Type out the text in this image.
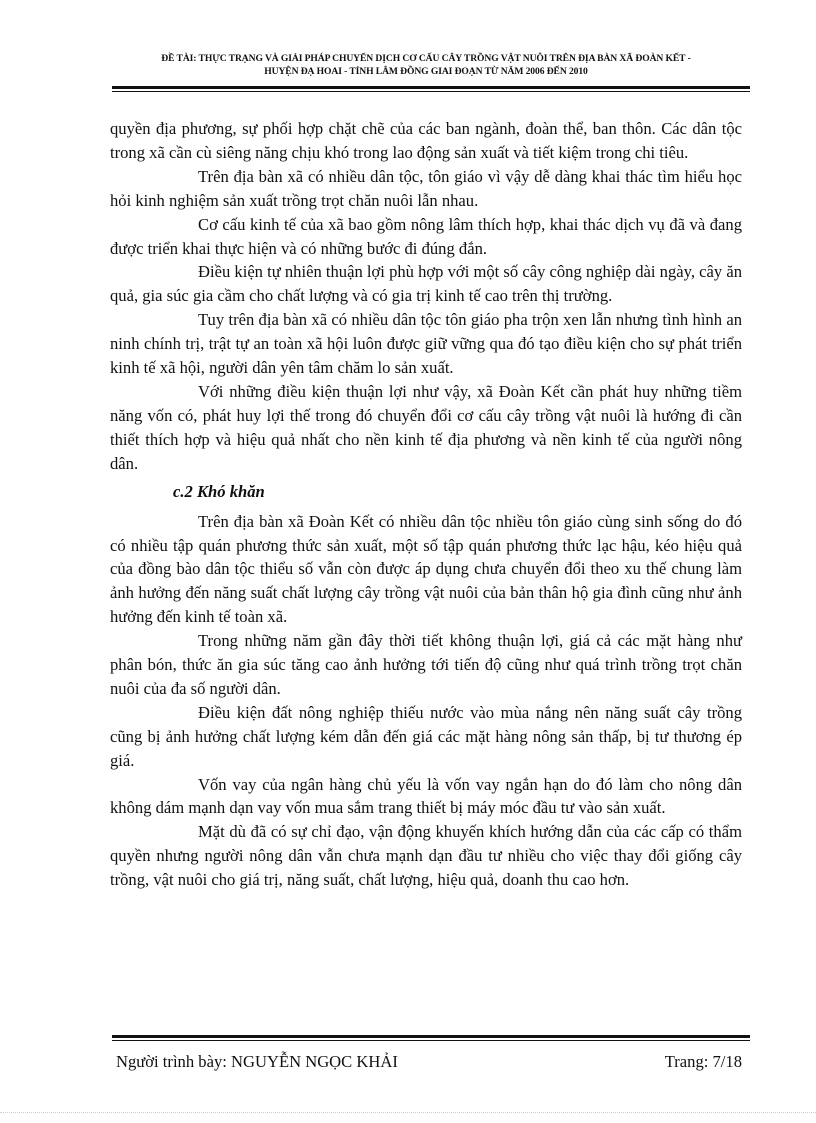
ĐỀ TÀI: THỰC TRẠNG VÀ GIẢI PHÁP CHUYỂN DỊCH CƠ CẤU CÂY TRỒNG VẬT NUÔI TRÊN ĐỊA BÀN XÃ ĐOÀN KẾT -
HUYỆN ĐẠ HOAI - TỈNH LÂM ĐỒNG GIAI ĐOẠN TỪ NĂM 2006 ĐẾN 2010

quyền địa phương, sự phối hợp chặt chẽ của các ban ngành, đoàn thể, ban thôn. Các dân tộc trong xã cần cù siêng năng chịu khó trong lao động sản xuất và tiết kiệm trong chi tiêu.

Trên địa bàn xã có nhiều dân tộc, tôn giáo vì vậy dễ dàng khai thác tìm hiểu học hỏi kinh nghiệm sản xuất trồng trọt chăn nuôi lẫn nhau.

Cơ cấu kinh tế của xã bao gồm nông lâm thích hợp, khai thác dịch vụ đã và đang được triển khai thực hiện và có những bước đi đúng đắn.

Điều kiện tự nhiên thuận lợi phù hợp với một số cây công nghiệp dài ngày, cây ăn quả, gia súc gia cầm cho chất lượng và có gia trị kinh tế cao trên thị trường.

Tuy trên địa bàn xã có nhiều dân tộc tôn giáo pha trộn xen lẫn nhưng tình hình an ninh chính trị, trật tự an toàn xã hội luôn được giữ vững qua đó tạo điều kiện cho sự phát triển kinh tế xã hội, người dân yên tâm chăm lo sản xuất.

Với những điều kiện thuận lợi như vậy, xã Đoàn Kết cần phát huy những tiềm năng vốn có, phát huy lợi thế trong đó chuyển đổi cơ cấu cây trồng vật nuôi là hướng đi cần thiết thích hợp và hiệu quả nhất cho nền kinh tế địa phương và nền kinh tế của người nông dân.

c.2 Khó khăn

Trên địa bàn xã Đoàn Kết có nhiều dân tộc nhiều tôn giáo cùng sinh sống do đó có nhiều tập quán phương thức sản xuất, một số tập quán phương thức lạc hậu, kéo hiệu quả của đồng bào dân tộc thiểu số vẫn còn được áp dụng chưa chuyển đổi theo xu thế chung làm ảnh hưởng đến năng suất chất lượng cây trồng vật nuôi của bản thân hộ gia đình cũng như ảnh hưởng đến kinh tế toàn xã.

Trong những năm gần đây thời tiết không thuận lợi, giá cả các mặt hàng như phân bón, thức ăn gia súc tăng cao ảnh hưởng tới tiến độ cũng như quá trình trồng trọt chăn nuôi của đa số người dân.

Điều kiện đất nông nghiệp thiếu nước vào mùa nắng nên năng suất cây trồng cũng bị ảnh hưởng chất lượng kém dẫn đến giá các mặt hàng nông sản thấp, bị tư thương ép giá.

Vốn vay của ngân hàng chủ yếu là vốn vay ngắn hạn do đó làm cho nông dân không dám mạnh dạn vay vốn mua sắm trang thiết bị máy móc đầu tư vào sản xuất.

Mặt dù đã có sự chỉ đạo, vận động khuyến khích hướng dẫn của các cấp có thẩm quyền nhưng người nông dân vẫn chưa mạnh dạn đầu tư nhiều cho việc thay đổi giống cây trồng, vật nuôi cho giá trị, năng suất, chất lượng, hiệu quả, doanh thu cao hơn.

Người trình bày: NGUYỄN NGỌC KHẢI	Trang: 7/18
